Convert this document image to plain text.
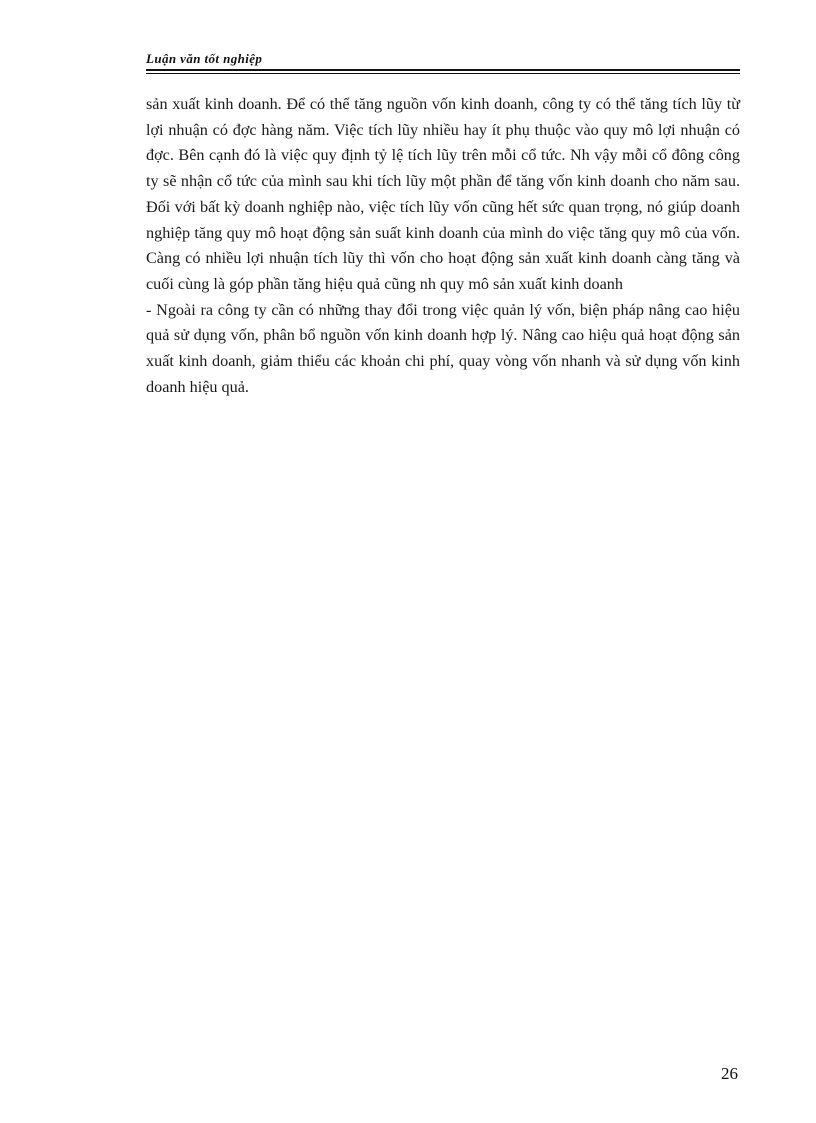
Luận văn tốt nghiệp

sản xuất kinh doanh. Để có thể tăng nguồn vốn kinh doanh, công ty có thể tăng tích lũy từ lợi nhuận có đợc hàng năm. Việc tích lũy nhiều hay ít phụ thuộc vào quy mô lợi nhuận có đợc. Bên cạnh đó là việc quy định tỷ lệ tích lũy trên mỗi cổ tức. Nh vậy mỗi cổ đông công ty sẽ nhận cổ tức của mình sau khi tích lũy một phần để tăng vốn kinh doanh cho năm sau. Đối với bất kỳ doanh nghiệp nào, việc tích lũy vốn cũng hết sức quan trọng, nó giúp doanh nghiệp tăng quy mô hoạt động sản suất kinh doanh của mình do việc tăng quy mô của vốn. Càng có nhiều lợi nhuận tích lũy thì vốn cho hoạt động sản xuất kinh doanh càng tăng và cuối cùng là góp phần tăng hiệu quả cũng nh quy mô sản xuất kinh doanh

- Ngoài ra công ty cần có những thay đổi trong việc quản lý vốn, biện pháp nâng cao hiệu quả sử dụng vốn, phân bổ nguồn vốn kinh doanh hợp lý. Nâng cao hiệu quả hoạt động sản xuất kinh doanh, giảm thiểu các khoản chi phí, quay vòng vốn nhanh và sử dụng vốn kinh doanh hiệu quả.

26
